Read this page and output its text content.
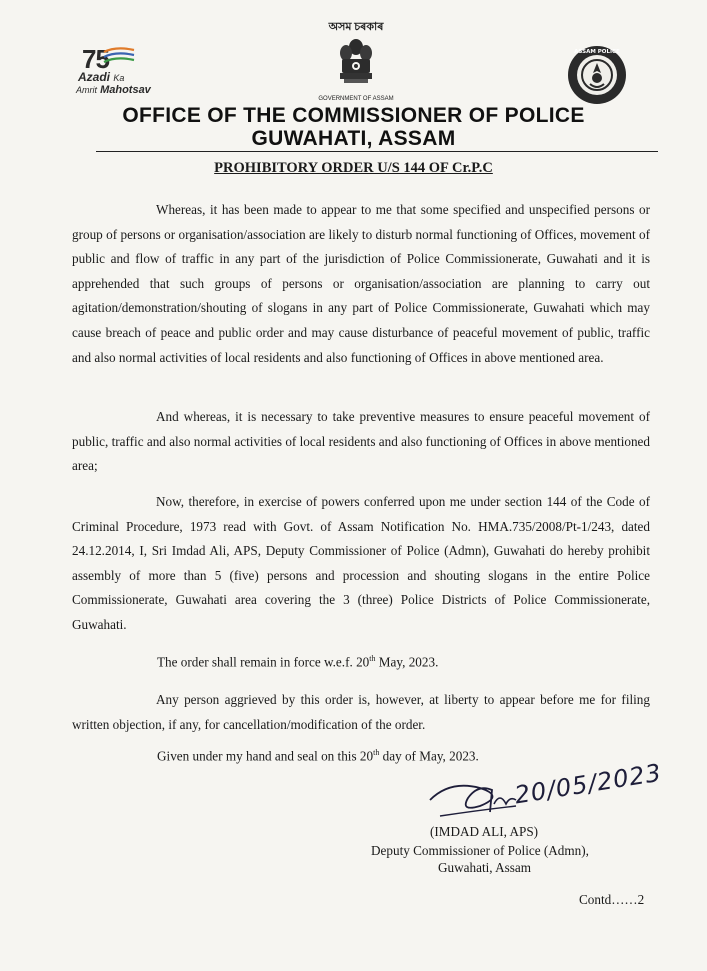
75
Azadi Ka
Amrit Mahotsav
অসম চৰকাৰ
GOVERNMENT OF ASSAM
ASSAM POLICE
OFFICE OF THE COMMISSIONER OF POLICE
GUWAHATI, ASSAM
PROHIBITORY ORDER U/S 144 OF Cr.P.C

Whereas, it has been made to appear to me that some specified and unspecified persons or group of persons or organisation/association are likely to disturb normal functioning of Offices, movement of public and flow of traffic in any part of the jurisdiction of Police Commissionerate, Guwahati and it is apprehended that such groups of persons or organisation/association are planning to carry out agitation/demonstration/shouting of slogans in any part of Police Commissionerate, Guwahati which may cause breach of peace and public order and may cause disturbance of peaceful movement of public, traffic and also normal activities of local residents and also functioning of Offices in above mentioned area.

And whereas, it is necessary to take preventive measures to ensure peaceful movement of public, traffic and also normal activities of local residents and also functioning of Offices in above mentioned area;

Now, therefore, in exercise of powers conferred upon me under section 144 of the Code of Criminal Procedure, 1973 read with Govt. of Assam Notification No. HMA.735/2008/Pt-1/243, dated 24.12.2014, I, Sri Imdad Ali, APS, Deputy Commissioner of Police (Admn), Guwahati do hereby prohibit assembly of more than 5 (five) persons and procession and shouting slogans in the entire Police Commissionerate, Guwahati area covering the 3 (three) Police Districts of Police Commissionerate, Guwahati.

The order shall remain in force w.e.f. 20th May, 2023.

Any person aggrieved by this order is, however, at liberty to appear before me for filing written objection, if any, for cancellation/modification of the order.

Given under my hand and seal on this 20th day of May, 2023.
20/05/2023
(IMDAD ALI, APS)
Deputy Commissioner of Police (Admn),
Guwahati, Assam
Contd……2
